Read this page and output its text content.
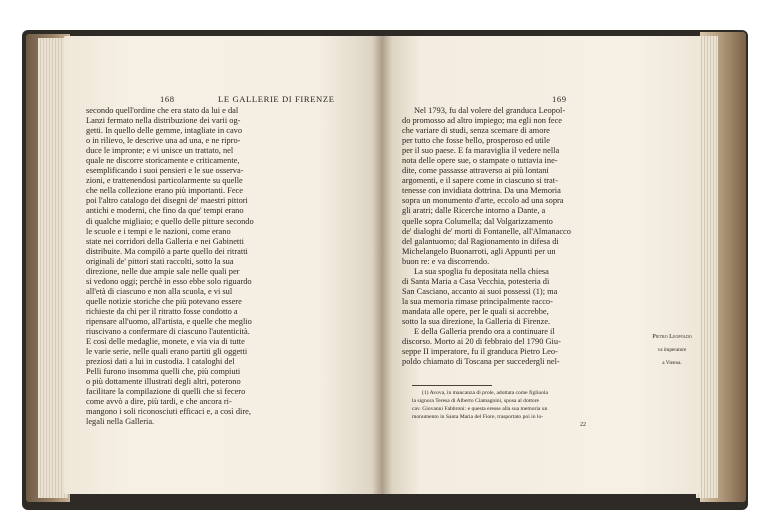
168	LE GALLERIE DI FIRENZE
secondo quell'ordine che era stato da lui e dal
Lanzi fermato nella distribuzione dei varii og-
getti. In quello delle gemme, intagliate in cavo
o in rilievo, le descrive una ad una, e ne ripro-
duce le impronte; e vi unisce un trattato, nel
quale ne discorre storicamente e criticamente,
esemplificando i suoi pensieri e le sue osserva-
zioni, e trattenendosi particolarmente su quelle
che nella collezione erano più importanti. Fece
poi l'altro catalogo dei disegni de' maestri pittori
antichi e moderni, che fino da que' tempi erano
di qualche migliaio; e quello delle pitture secondo
le scuole e i tempi e le nazioni, come erano
state nei corridori della Galleria e nei Gabinetti
distribuite. Ma compilò a parte quello dei ritratti
originali de' pittori stati raccolti, sotto la sua
direzione, nelle due ampie sale nelle quali per
si vedono oggi; perchè in esso ebbe solo riguardo
all'età di ciascuno e non alla scuola, e vi sul
quelle notizie storiche che più potevano essere
richieste da chi per il ritratto fosse condotto a
ripensare all'uomo, all'artista, e quelle che meglio
riuscivano a confermare di ciascuno l'autenticità.
E così delle medaglie, monete, e via via di tutte
le varie serie, nelle quali erano partiti gli oggetti
preziosi dati a lui in custodia. I cataloghi del
Pelli furono insomma quelli che, più compiuti
o più dottamente illustrati degli altri, poterono
facilitare la compilazione di quelli che si fecero
come avvò a dire, più tardi, e che ancora ri-
mangono i soli riconosciuti efficaci e, a così dire,
legali nella Galleria.
169
Nel 1793, fu dal volere del granduca Leopol-
do promosso ad altro impiego; ma egli non fece
che variare di studi, senza scemare di amore
per tutto che fosse bello, prosperoso ed utile
per il suo paese. E fa maraviglia il vedere nella
nota delle opere sue, o stampate o tuttavia ine-
dite, come passasse attraverso ai più lontani
argomenti, e il sapere come in ciascuno si trat-
tenesse con invidiata dottrina. Da una Memoria
sopra un monumento d'arte, eccolo ad una sopra
gli aratri; dalle Ricerche intorno a Dante, a
quelle sopra Columella; dal Volgarizzamento
de' dialoghi de' morti di Fontanelle, all'Almanacco
del galantuomo; dal Ragionamento in difesa di
Michelangelo Buonarroti, agli Appunti per un
buon re: e va discorrendo.
La sua spoglia fu depositata nella chiesa
di Santa Maria a Casa Vecchia, potesteria di
San Casciano, accanto ai suoi possessi (1); ma
la sua memoria rimase principalmente racco-
mandata alle opere, per le quali si accrebbe,
sotto la sua direzione, la Galleria di Firenze.
E della Galleria prendo ora a continuare il
discorso. Morto ai 20 di febbraio del 1790 Giu-
seppe II imperatore, fu il granduca Pietro Leo-
poldo chiamato di Toscana per succedergli nel-

Pietro Leopoldo

va imperatore

a Vienna.

(1) Avova, in mancanza di prole, adottata come figliuola
la signora Teresa di Alberto Ciamagnini, sposa al dottore
cav. Giovanni Fabbroni: e questa eresse alla sua memoria un
monumento in Santa Maria del Fiore, trasportato poi in lo-
22
